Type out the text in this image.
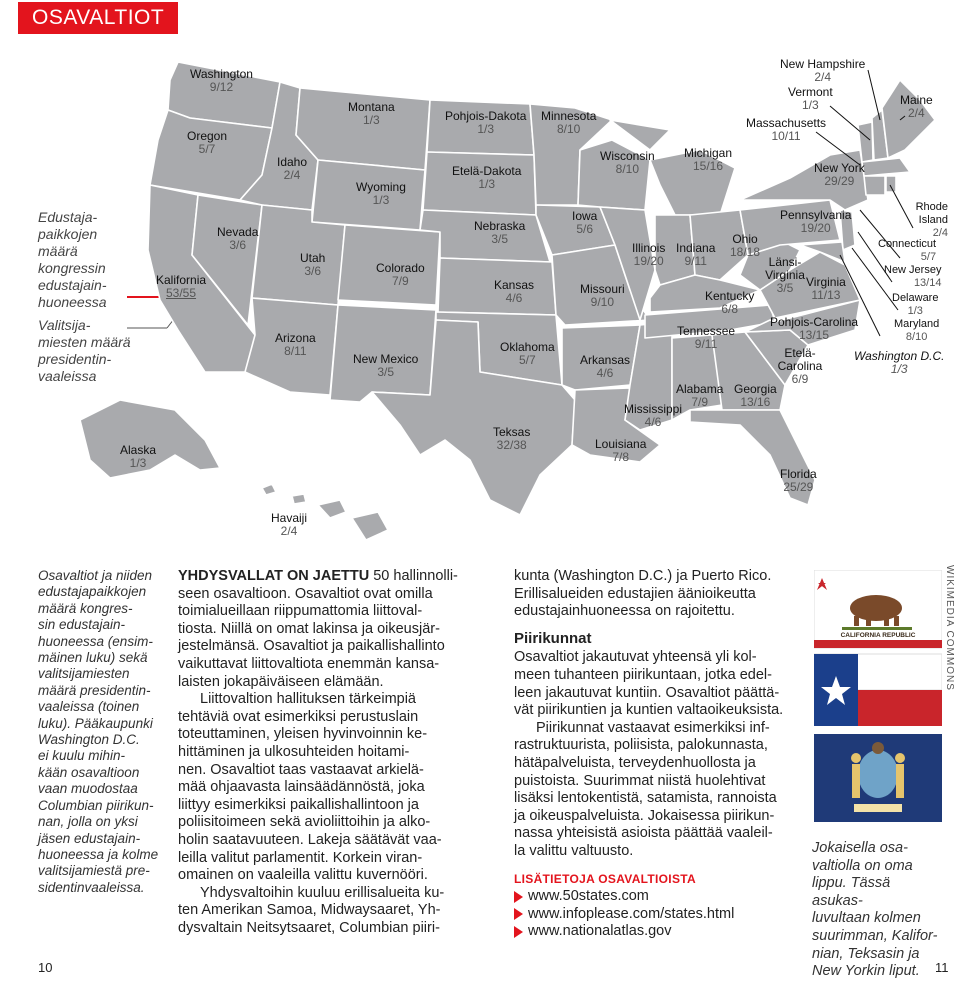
OSAVALTIOT
Edustaja-
paikkojen
määrä
kongressin
edustajain-
huoneessa
Valitsija-
miesten määrä
presidentin-
vaaleissa
Washington
9/12
Oregon
5/7
Kalifornia
53/55
Nevada
3/6
Idaho
2/4
Utah
3/6
Arizona
8/11
Montana
1/3
Wyoming
1/3
Colorado
7/9
New Mexico
3/5
Pohjois-Dakota
1/3
Etelä-Dakota
1/3
Nebraska
3/5
Kansas
4/6
Oklahoma
5/7
Teksas
32/38
Minnesota
8/10
Iowa
5/6
Missouri
9/10
Arkansas
4/6
Louisiana
7/8
Wisconsin
8/10
Illinois
19/20
Mississippi
4/6
Michigan
15/16
Indiana
9/11
Ohio
18/18
Kentucky
6/8
Tennessee
9/11
Alabama
7/9
Georgia
13/16
Florida
25/29
Länsi-Virginia
3/5	Virginia
11/13
Pohjois-Carolina
13/15
Etelä-Carolina
6/9
Pennsylvania
19/20
New York
29/29
New Hampshire
2/4
Vermont
1/3
Massachusetts
10/11
Maine
2/4
Rhode Island
2/4
Connecticut
5/7
New Jersey
13/14
Delaware
1/3
Maryland
8/10
Washington D.C.
1/3
Alaska
1/3
Havaiji
2/4

Osavaltiot ja niiden

edustajapaikkojen

määrä kongres-

sin edustajain-

huoneessa (ensim-

mäinen luku) sekä

valitsijamiesten

määrä presidentin-

vaaleissa (toinen

luku). Pääkaupunki

Washington D.C.

ei kuulu mihin-

kään osavaltioon

vaan muodostaa

Columbian piirikun-

nan, jolla on yksi

jäsen edustajain-

huoneessa ja kolme

valitsijamiestä pre-

sidentinvaaleissa.

YHDYSVALLAT ON JAETTU 50 hallinnolli-

seen osavaltioon. Osavaltiot ovat omilla

toimialueillaan riippumattomia liittoval-

tiosta. Niillä on omat lakinsa ja oikeusjär-

jestelmänsä. Osavaltiot ja paikallishallinto

vaikuttavat liittovaltiota enemmän kansa-

laisten jokapäiväiseen elämään.

Liittovaltion hallituksen tärkeimpiä

tehtäviä ovat esimerkiksi perustuslain

toteuttaminen, yleisen hyvinvoinnin ke-

hittäminen ja ulkosuhteiden hoitami-

nen. Osavaltiot taas vastaavat arkielä-

mää ohjaavasta lainsäädännöstä, joka

liittyy esimerkiksi paikallishallintoon ja

poliisitoimeen sekä avioliittoihin ja alko-

holin saatavuuteen. Lakeja säätävät vaa-

leilla valitut parlamentit. Korkein viran-

omainen on vaaleilla valittu kuvernööri.

Yhdysvaltoihin kuuluu erillisalueita ku-

ten Amerikan Samoa, Midwaysaaret, Yh-

dysvaltain Neitsytsaaret, Columbian piiri-

kunta (Washington D.C.) ja Puerto Rico.

Erillisalueiden edustajien äänioikeutta

edustajainhuoneessa on rajoitettu.

Piirikunnat

Osavaltiot jakautuvat yhteensä yli kol-

meen tuhanteen piirikuntaan, jotka edel-

leen jakautuvat kuntiin. Osavaltiot päättä-

vät piirikuntien ja kuntien valtaoikeuksista.

Piirikunnat vastaavat esimerkiksi inf-

rastruktuurista, poliisista, palokunnasta,

hätäpalveluista, terveydenhuollosta ja

puistoista. Suurimmat niistä huolehtivat

lisäksi lentokentistä, satamista, rannoista

ja oikeuspalveluista. Jokaisessa piirikun-

nassa yhteisistä asioista päättää vaaleil-

la valittu valtuusto.

LISÄTIETOJA OSAVALTIOISTA

www.50states.com

www.infoplease.com/states.html

www.nationalatlas.gov

CALIFORNIA REPUBLIC
Jokaisella osa-
valtiolla on oma
lippu. Tässä asukas-
luvultaan kolmen
suurimman, Kalifor-
nian, Teksasin ja
New Yorkin liput.
WIKIMEDIA COMMONS
10	11
